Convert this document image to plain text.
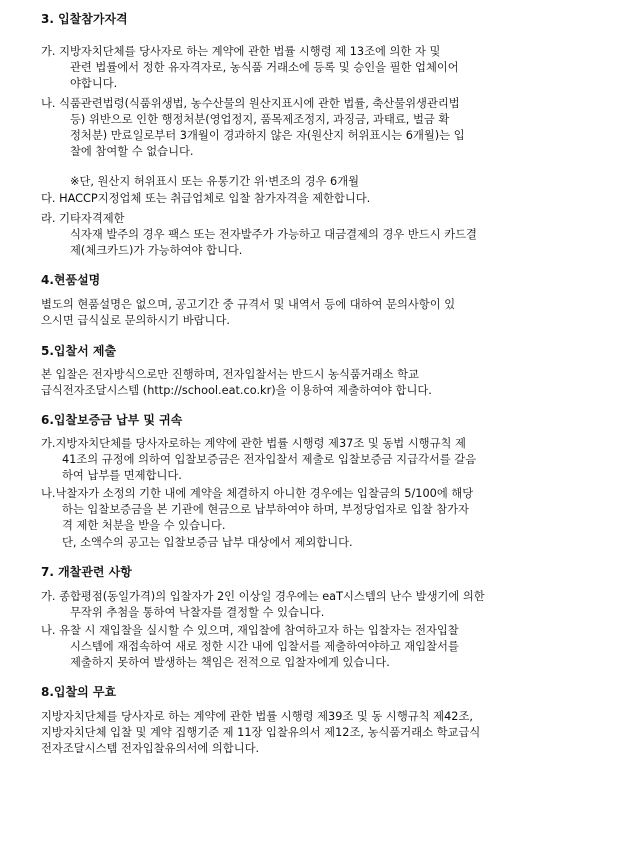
3. 입찰참가자격
가. 지방자치단체를 당사자로 하는 계약에 관한 법률 시행령 제 13조에 의한 자 및
관련 법률에서 정한 유자격자로, 농식품 거래소에 등록 및 승인을 필한 업체이어
야합니다.
나. 식품관련법령(식품위생법, 농수산물의 원산지표시에 관한 법률, 축산물위생관리법
등) 위반으로 인한 행정처분(영업정지, 품목제조정지, 과징금, 과태료, 벌금 확
정처분) 만료일로부터 3개월이 경과하지 않은 자(원산지 허위표시는 6개월)는 입
찰에 참여할 수 없습니다.
※단, 원산지 허위표시 또는 유통기간 위·변조의 경우 6개월
다. HACCP지정업체 또는 취급업체로 입찰 참가자격을 제한합니다.
라. 기타자격제한
식자재 발주의 경우 팩스 또는 전자발주가 가능하고 대금결제의 경우 반드시 카드결
제(체크카드)가 가능하여야 합니다.
4.현품설명
별도의 현품설명은 없으며, 공고기간 중 규격서 및 내역서 등에 대하여 문의사항이 있
으시면 급식실로 문의하시기 바랍니다.
5.입찰서 제출
본 입찰은 전자방식으로만 진행하며, 전자입찰서는 반드시 농식품거래소 학교
급식전자조달시스템 (http://school.eat.co.kr)을 이용하여 제출하여야 합니다.
6.입찰보증금 납부 및 귀속
가.지방자치단체를 당사자로하는 계약에 관한 법률 시행령 제37조 및 동법 시행규칙 제
41조의 규정에 의하여 입찰보증금은 전자입찰서 제출로 입찰보증금 지급각서를 갈음
하여 납부를 면제합니다.
나.낙찰자가 소정의 기한 내에 계약을 체결하지 아니한 경우에는 입찰금의 5/100에 해당
하는 입찰보증금을 본 기관에 현금으로 납부하여야 하며, 부정당업자로 입찰 참가자
격 제한 처분을 받을 수 있습니다.
단, 소액수의 공고는 입찰보증금 납부 대상에서 제외합니다.
7. 개찰관련 사항
가. 종합평점(동일가격)의 입찰자가 2인 이상일 경우에는 eaT시스템의 난수 발생기에 의한
무작위 추첨을 통하여 낙찰자를 결정할 수 있습니다.
나. 유찰 시 재입찰을 실시할 수 있으며, 재입찰에 참여하고자 하는 입찰자는 전자입찰
시스템에 재접속하여 새로 정한 시간 내에 입찰서를 제출하여야하고 재입찰서를
제출하지 못하여 발생하는 책임은 전적으로 입찰자에게 있습니다.
8.입찰의 무효
지방자치단체를 당사자로 하는 계약에 관한 법률 시행령 제39조 및 동 시행규칙 제42조,
지방자치단체 입찰 및 계약 집행기준 제 11장 입찰유의서 제12조, 농식품거래소 학교급식
전자조달시스템 전자입찰유의서에 의합니다.
